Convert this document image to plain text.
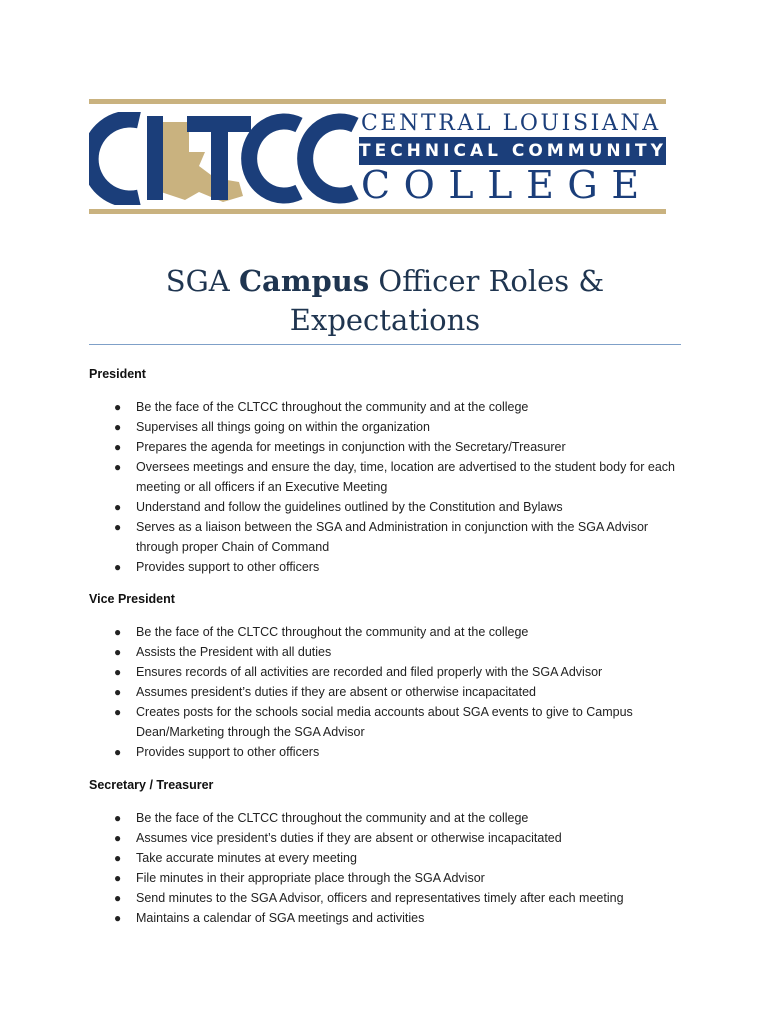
CENTRAL LOUISIANA
TECHNICAL COMMUNITY
COLLEGE
SGA Campus Officer Roles & Expectations
President
● Be the face of the CLTCC throughout the community and at the college
● Supervises all things going on within the organization
● Prepares the agenda for meetings in conjunction with the Secretary/Treasurer
● Oversees meetings and ensure the day, time, location are advertised to the student body for each meeting or all officers if an Executive Meeting
● Understand and follow the guidelines outlined by the Constitution and Bylaws
● Serves as a liaison between the SGA and Administration in conjunction with the SGA Advisor through proper Chain of Command
● Provides support to other officers
Vice President
● Be the face of the CLTCC throughout the community and at the college
● Assists the President with all duties
● Ensures records of all activities are recorded and filed properly with the SGA Advisor
● Assumes president’s duties if they are absent or otherwise incapacitated
● Creates posts for the schools social media accounts about SGA events to give to Campus Dean/Marketing through the SGA Advisor
● Provides support to other officers
Secretary / Treasurer
● Be the face of the CLTCC throughout the community and at the college
● Assumes vice president’s duties if they are absent or otherwise incapacitated
● Take accurate minutes at every meeting
● File minutes in their appropriate place through the SGA Advisor
● Send minutes to the SGA Advisor, officers and representatives timely after each meeting
● Maintains a calendar of SGA meetings and activities
